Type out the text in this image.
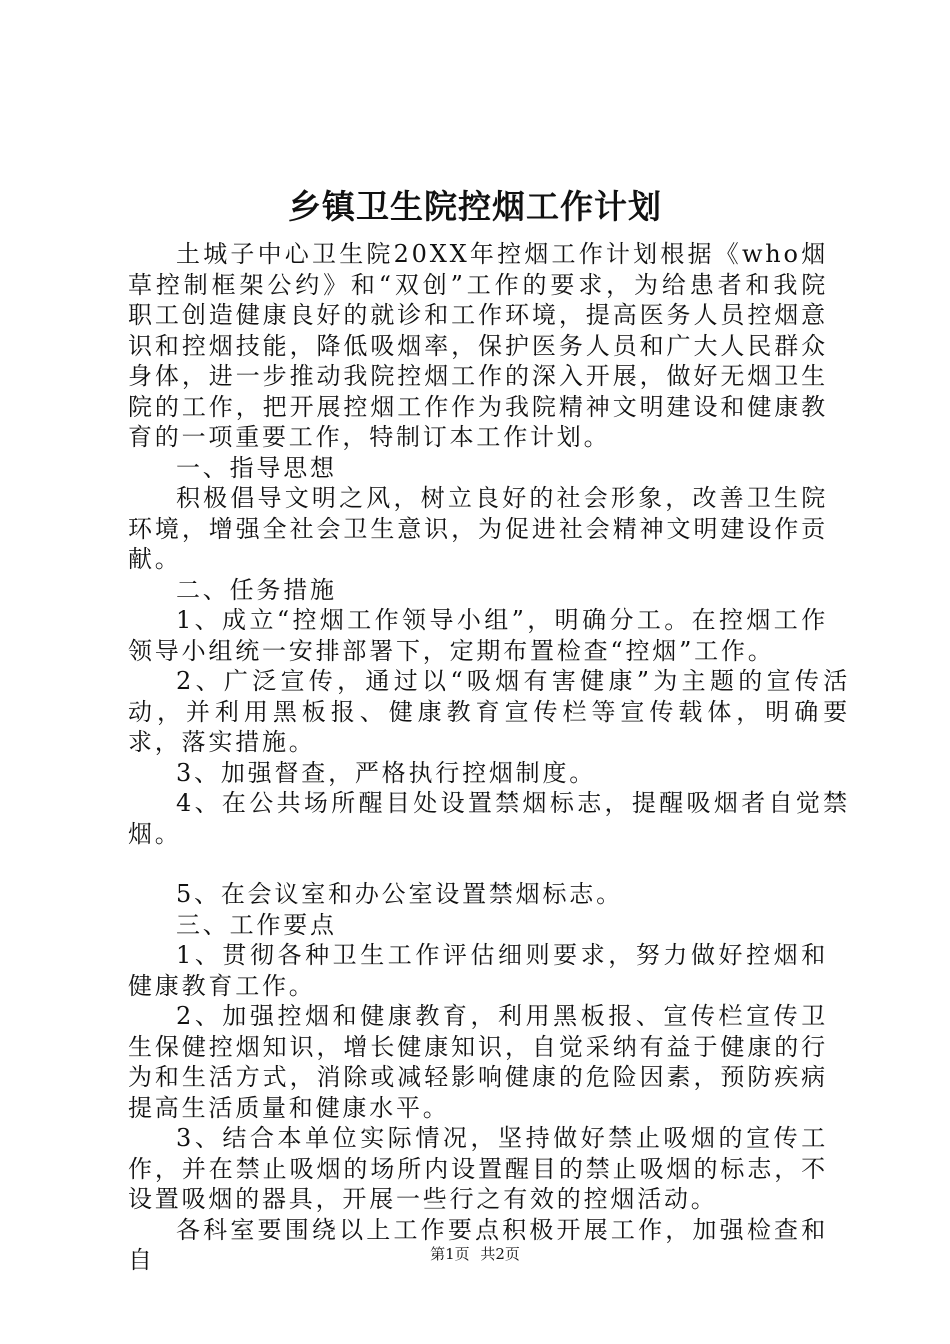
乡镇卫生院控烟工作计划

土城子中心卫生院20XX年控烟工作计划根据《who烟草控制框架公约》和“双创”工作的要求，为给患者和我院职工创造健康良好的就诊和工作环境，提高医务人员控烟意识和控烟技能，降低吸烟率，保护医务人员和广大人民群众身体，进一步推动我院控烟工作的深入开展，做好无烟卫生院的工作，把开展控烟工作作为我院精神文明建设和健康教育的一项重要工作，特制订本工作计划。

一、指导思想

积极倡导文明之风，树立良好的社会形象，改善卫生院环境，增强全社会卫生意识，为促进社会精神文明建设作贡献。

二、任务措施

1、成立“控烟工作领导小组”，明确分工。在控烟工作领导小组统一安排部署下，定期布置检查“控烟”工作。

2、广泛宣传，通过以“吸烟有害健康”为主题的宣传活动，并利用黑板报、健康教育宣传栏等宣传载体，明确要求，落实措施。

3、加强督查，严格执行控烟制度。

4、在公共场所醒目处设置禁烟标志，提醒吸烟者自觉禁烟。

5、在会议室和办公室设置禁烟标志。

三、工作要点

1、贯彻各种卫生工作评估细则要求，努力做好控烟和健康教育工作。

2、加强控烟和健康教育，利用黑板报、宣传栏宣传卫生保健控烟知识，增长健康知识，自觉采纳有益于健康的行为和生活方式，消除或减轻影响健康的危险因素，预防疾病提高生活质量和健康水平。

3、结合本单位实际情况，坚持做好禁止吸烟的宣传工作，并在禁止吸烟的场所内设置醒目的禁止吸烟的标志，不设置吸烟的器具，开展一些行之有效的控烟活动。

各科室要围绕以上工作要点积极开展工作，加强检查和自	第1页 共2页
